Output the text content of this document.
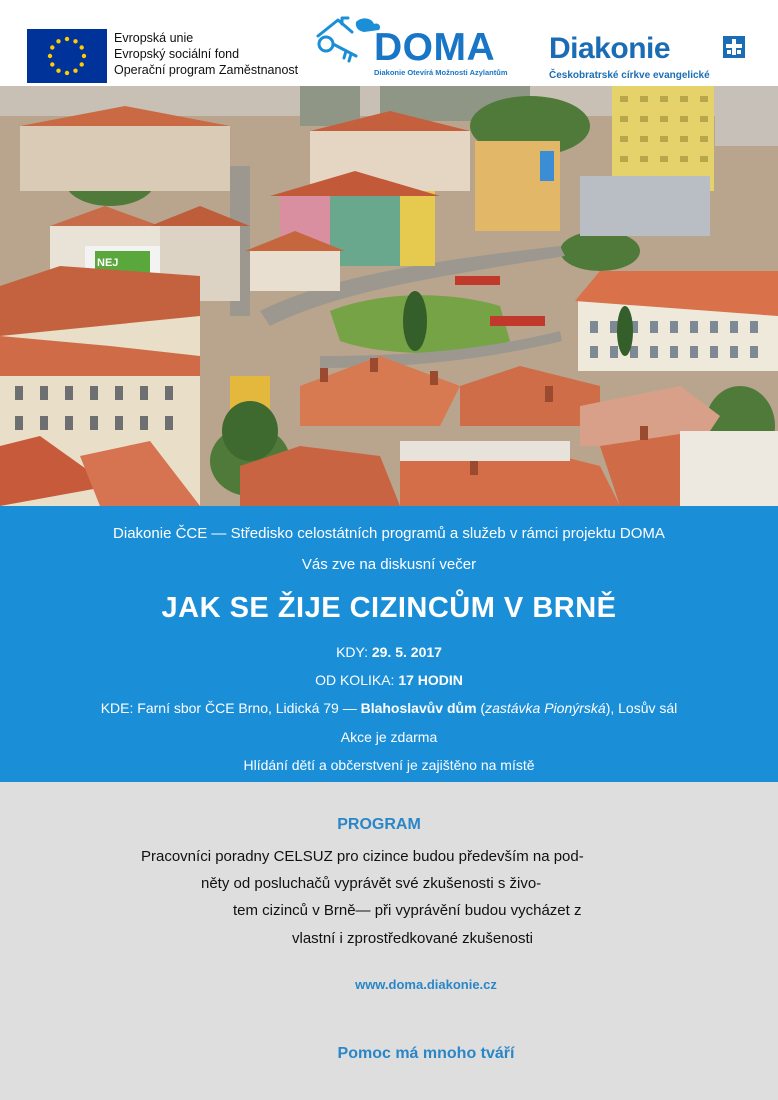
Evropská unie
Evropský sociální fond
Operační program Zaměstnanost
DOMA
Diakonie Otevírá Možnosti Azylantům
Diakonie
Českobratrské církve evangelické
NEJ
Diakonie ČCE — Středisko celostátních programů a služeb v rámci projektu DOMA
Vás zve na diskusní večer
JAK SE ŽIJE CIZINCŮM V BRNĚ
KDY: 29. 5. 2017
OD KOLIKA: 17 HODIN
KDE: Farní sbor ČCE Brno, Lidická 79 — Blahoslavův dům (zastávka Pionýrská), Losův sál
Akce je zdarma
Hlídání dětí a občerstvení je zajištěno na místě
PROGRAM
Pracovníci poradny CELSUZ pro cizince budou především na pod-
něty od posluchačů vyprávět své zkušenosti s živo-
tem cizinců v Brně— při vyprávění budou vycházet z
vlastní i zprostředkované zkušenosti
www.doma.diakonie.cz
Pomoc má mnoho tváří
